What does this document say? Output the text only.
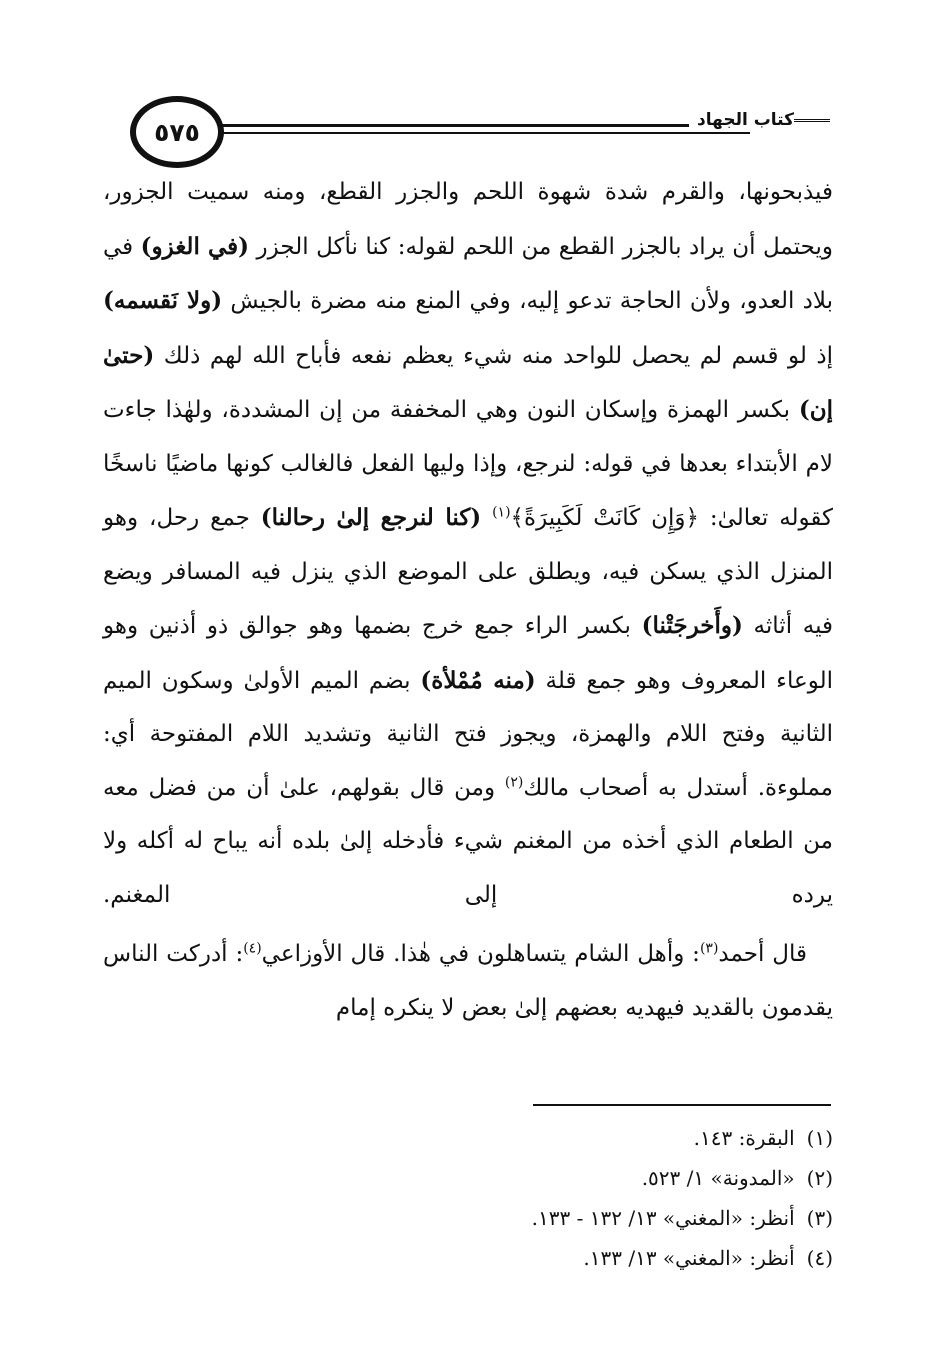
٥٧٥	كتاب الجهاد

فيذبحونها، والقرم شدة شهوة اللحم والجزر القطع، ومنه سميت الجزور، ويحتمل أن يراد بالجزر القطع من اللحم لقوله: كنا نأكل الجزر (في الغزو) في بلاد العدو، ولأن الحاجة تدعو إليه، وفي المنع منه مضرة بالجيش (ولا نَقسمه) إذ لو قسم لم يحصل للواحد منه شيء يعظم نفعه فأباح الله لهم ذلك (حتىٰ إن) بكسر الهمزة وإسكان النون وهي المخففة من إن المشددة، ولهٰذا جاءت لام الأبتداء بعدها في قوله: لنرجع، وإذا وليها الفعل فالغالب كونها ماضيًا ناسخًا كقوله تعالىٰ: ﴿وَإِن كَانَتْ لَكَبِيرَةً﴾$^{(١)}$ (كنا لنرجع إلىٰ رحالنا) جمع رحل، وهو المنزل الذي يسكن فيه، ويطلق على الموضع الذي ينزل فيه المسافر ويضع فيه أثاثه (وأَخرجَتْنا) بكسر الراء جمع خرج بضمها وهو جوالق ذو أذنين وهو الوعاء المعروف وهو جمع قلة (منه مُمْلأة) بضم الميم الأولىٰ وسكون الميم الثانية وفتح اللام والهمزة، ويجوز فتح الثانية وتشديد اللام المفتوحة أي: مملوءة. أستدل به أصحاب مالك$^{(٢)}$ ومن قال بقولهم، علىٰ أن من فضل معه من الطعام الذي أخذه من المغنم شيء فأدخله إلىٰ بلده أنه يباح له أكله ولا يرده إلى المغنم.

قال أحمد$^{(٣)}$: وأهل الشام يتساهلون في هٰذا. قال الأوزاعي$^{(٤)}$: أدركت الناس يقدمون بالقديد فيهديه بعضهم إلىٰ بعض لا ينكره إمام

(١) البقرة: ١٤٣.
(٢) «المدونة» ١/ ٥٢٣.
(٣) أنظر: «المغني» ١٣/ ١٣٢ - ١٣٣.
(٤) أنظر: «المغني» ١٣/ ١٣٣.
